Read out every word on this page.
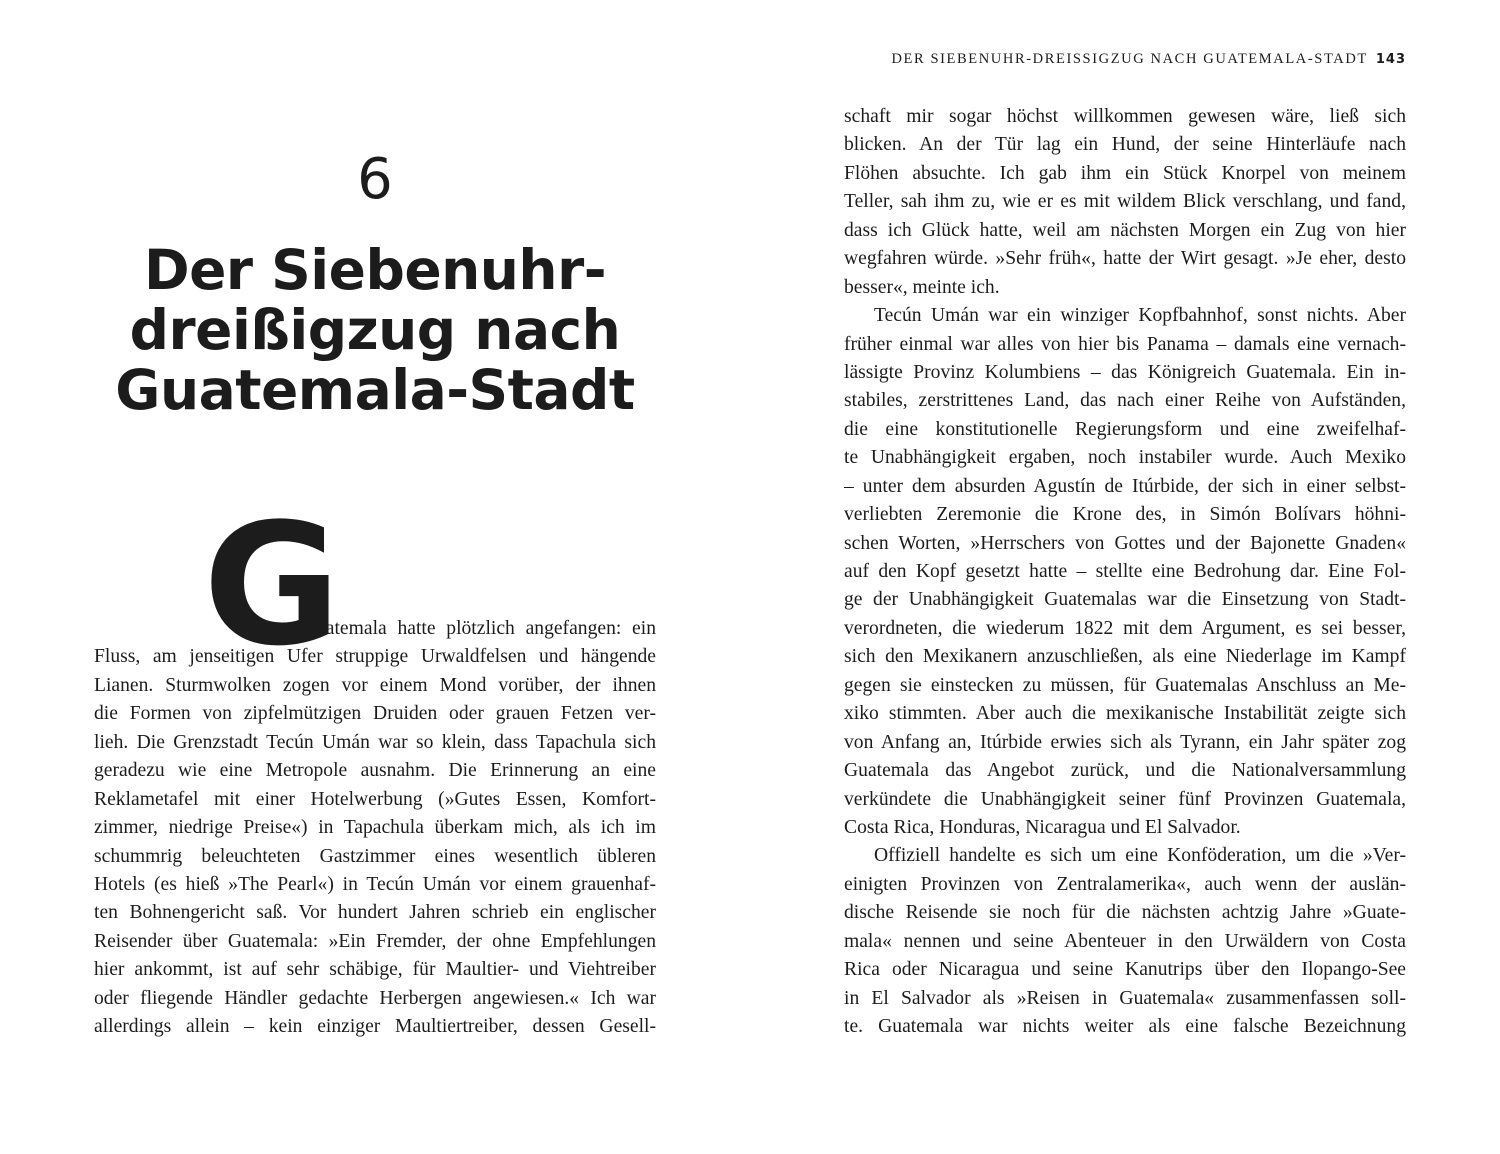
6
Der Siebenuhr-
dreißigzug nach
Guatemala-Stadt
G
uatemala hatte plötzlich angefangen: ein
Fluss, am jenseitigen Ufer struppige Urwaldfelsen und hängende
Lianen. Sturmwolken zogen vor einem Mond vorüber, der ihnen
die Formen von zipfelmützigen Druiden oder grauen Fetzen ver-
lieh. Die Grenzstadt Tecún Umán war so klein, dass Tapachula sich
geradezu wie eine Metropole ausnahm. Die Erinnerung an eine
Reklametafel mit einer Hotelwerbung (»Gutes Essen, Komfort-
zimmer, niedrige Preise«) in Tapachula überkam mich, als ich im
schummrig beleuchteten Gastzimmer eines wesentlich übleren
Hotels (es hieß »The Pearl«) in Tecún Umán vor einem grauenhaf-
ten Bohnengericht saß. Vor hundert Jahren schrieb ein englischer
Reisender über Guatemala: »Ein Fremder, der ohne Empfehlungen
hier ankommt, ist auf sehr schäbige, für Maultier- und Viehtreiber
oder fliegende Händler gedachte Herbergen angewiesen.« Ich war
allerdings allein – kein einziger Maultiertreiber, dessen Gesell-
DER SIEBENUHR-DREISSIGZUG NACH GUATEMALA-STADT 143
schaft mir sogar höchst willkommen gewesen wäre, ließ sich
blicken. An der Tür lag ein Hund, der seine Hinterläufe nach
Flöhen absuchte. Ich gab ihm ein Stück Knorpel von meinem
Teller, sah ihm zu, wie er es mit wildem Blick verschlang, und fand,
dass ich Glück hatte, weil am nächsten Morgen ein Zug von hier
wegfahren würde. »Sehr früh«, hatte der Wirt gesagt. »Je eher, desto
besser«, meinte ich.
Tecún Umán war ein winziger Kopfbahnhof, sonst nichts. Aber
früher einmal war alles von hier bis Panama – damals eine vernach-
lässigte Provinz Kolumbiens – das Königreich Guatemala. Ein in-
stabiles, zerstrittenes Land, das nach einer Reihe von Aufständen,
die eine konstitutionelle Regierungsform und eine zweifelhaf-
te Unabhängigkeit ergaben, noch instabiler wurde. Auch Mexiko
– unter dem absurden Agustín de Itúrbide, der sich in einer selbst-
verliebten Zeremonie die Krone des, in Simón Bolívars höhni-
schen Worten, »Herrschers von Gottes und der Bajonette Gnaden«
auf den Kopf gesetzt hatte – stellte eine Bedrohung dar. Eine Fol-
ge der Unabhängigkeit Guatemalas war die Einsetzung von Stadt-
verordneten, die wiederum 1822 mit dem Argument, es sei besser,
sich den Mexikanern anzuschließen, als eine Niederlage im Kampf
gegen sie einstecken zu müssen, für Guatemalas Anschluss an Me-
xiko stimmten. Aber auch die mexikanische Instabilität zeigte sich
von Anfang an, Itúrbide erwies sich als Tyrann, ein Jahr später zog
Guatemala das Angebot zurück, und die Nationalversammlung
verkündete die Unabhängigkeit seiner fünf Provinzen Guatemala,
Costa Rica, Honduras, Nicaragua und El Salvador.
Offiziell handelte es sich um eine Konföderation, um die »Ver-
einigten Provinzen von Zentralamerika«, auch wenn der auslän-
dische Reisende sie noch für die nächsten achtzig Jahre »Guate-
mala« nennen und seine Abenteuer in den Urwäldern von Costa
Rica oder Nicaragua und seine Kanutrips über den Ilopango-See
in El Salvador als »Reisen in Guatemala« zusammenfassen soll-
te. Guatemala war nichts weiter als eine falsche Bezeichnung
